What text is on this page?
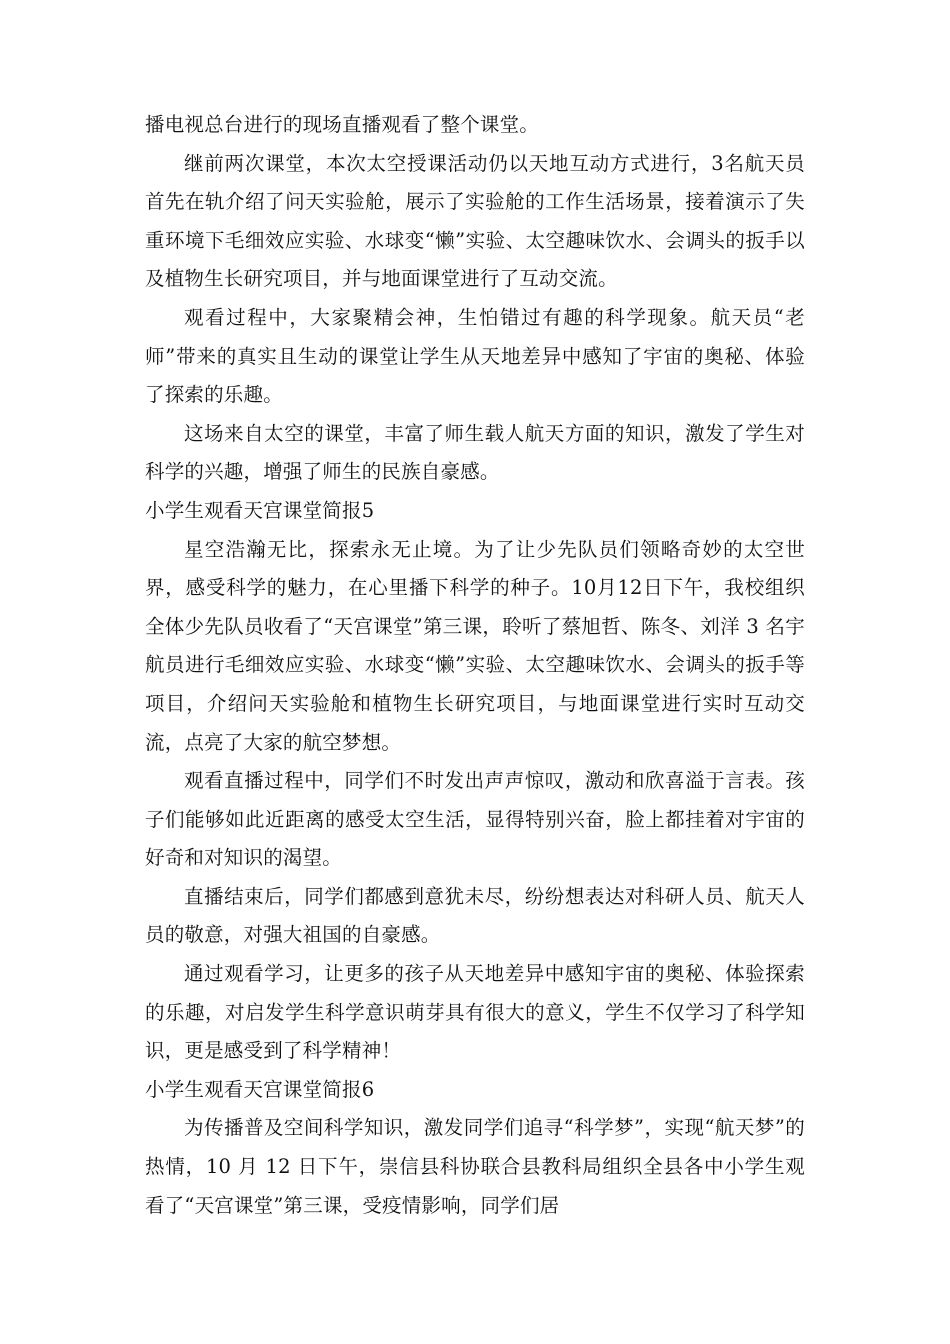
播电视总台进行的现场直播观看了整个课堂。

继前两次课堂，本次太空授课活动仍以天地互动方式进行，3名航天员首先在轨介绍了问天实验舱，展示了实验舱的工作生活场景，接着演示了失重环境下毛细效应实验、水球变“懒”实验、太空趣味饮水、会调头的扳手以及植物生长研究项目，并与地面课堂进行了互动交流。

观看过程中，大家聚精会神，生怕错过有趣的科学现象。航天员“老师”带来的真实且生动的课堂让学生从天地差异中感知了宇宙的奥秘、体验了探索的乐趣。

这场来自太空的课堂，丰富了师生载人航天方面的知识，激发了学生对科学的兴趣，增强了师生的民族自豪感。

小学生观看天宫课堂简报5

星空浩瀚无比，探索永无止境。为了让少先队员们领略奇妙的太空世界，感受科学的魅力，在心里播下科学的种子。10月12日下午，我校组织全体少先队员收看了“天宫课堂”第三课，聆听了蔡旭哲、陈冬、刘洋 3 名宇航员进行毛细效应实验、水球变“懒”实验、太空趣味饮水、会调头的扳手等项目，介绍问天实验舱和植物生长研究项目，与地面课堂进行实时互动交流，点亮了大家的航空梦想。

观看直播过程中，同学们不时发出声声惊叹，激动和欣喜溢于言表。孩子们能够如此近距离的感受太空生活，显得特别兴奋，脸上都挂着对宇宙的好奇和对知识的渴望。

直播结束后，同学们都感到意犹未尽，纷纷想表达对科研人员、航天人员的敬意，对强大祖国的自豪感。

通过观看学习，让更多的孩子从天地差异中感知宇宙的奥秘、体验探索的乐趣，对启发学生科学意识萌芽具有很大的意义，学生不仅学习了科学知识，更是感受到了科学精神！

小学生观看天宫课堂简报6

为传播普及空间科学知识，激发同学们追寻“科学梦”，实现“航天梦”的热情，10 月 12 日下午，崇信县科协联合县教科局组织全县各中小学生观看了“天宫课堂”第三课，受疫情影响，同学们居
